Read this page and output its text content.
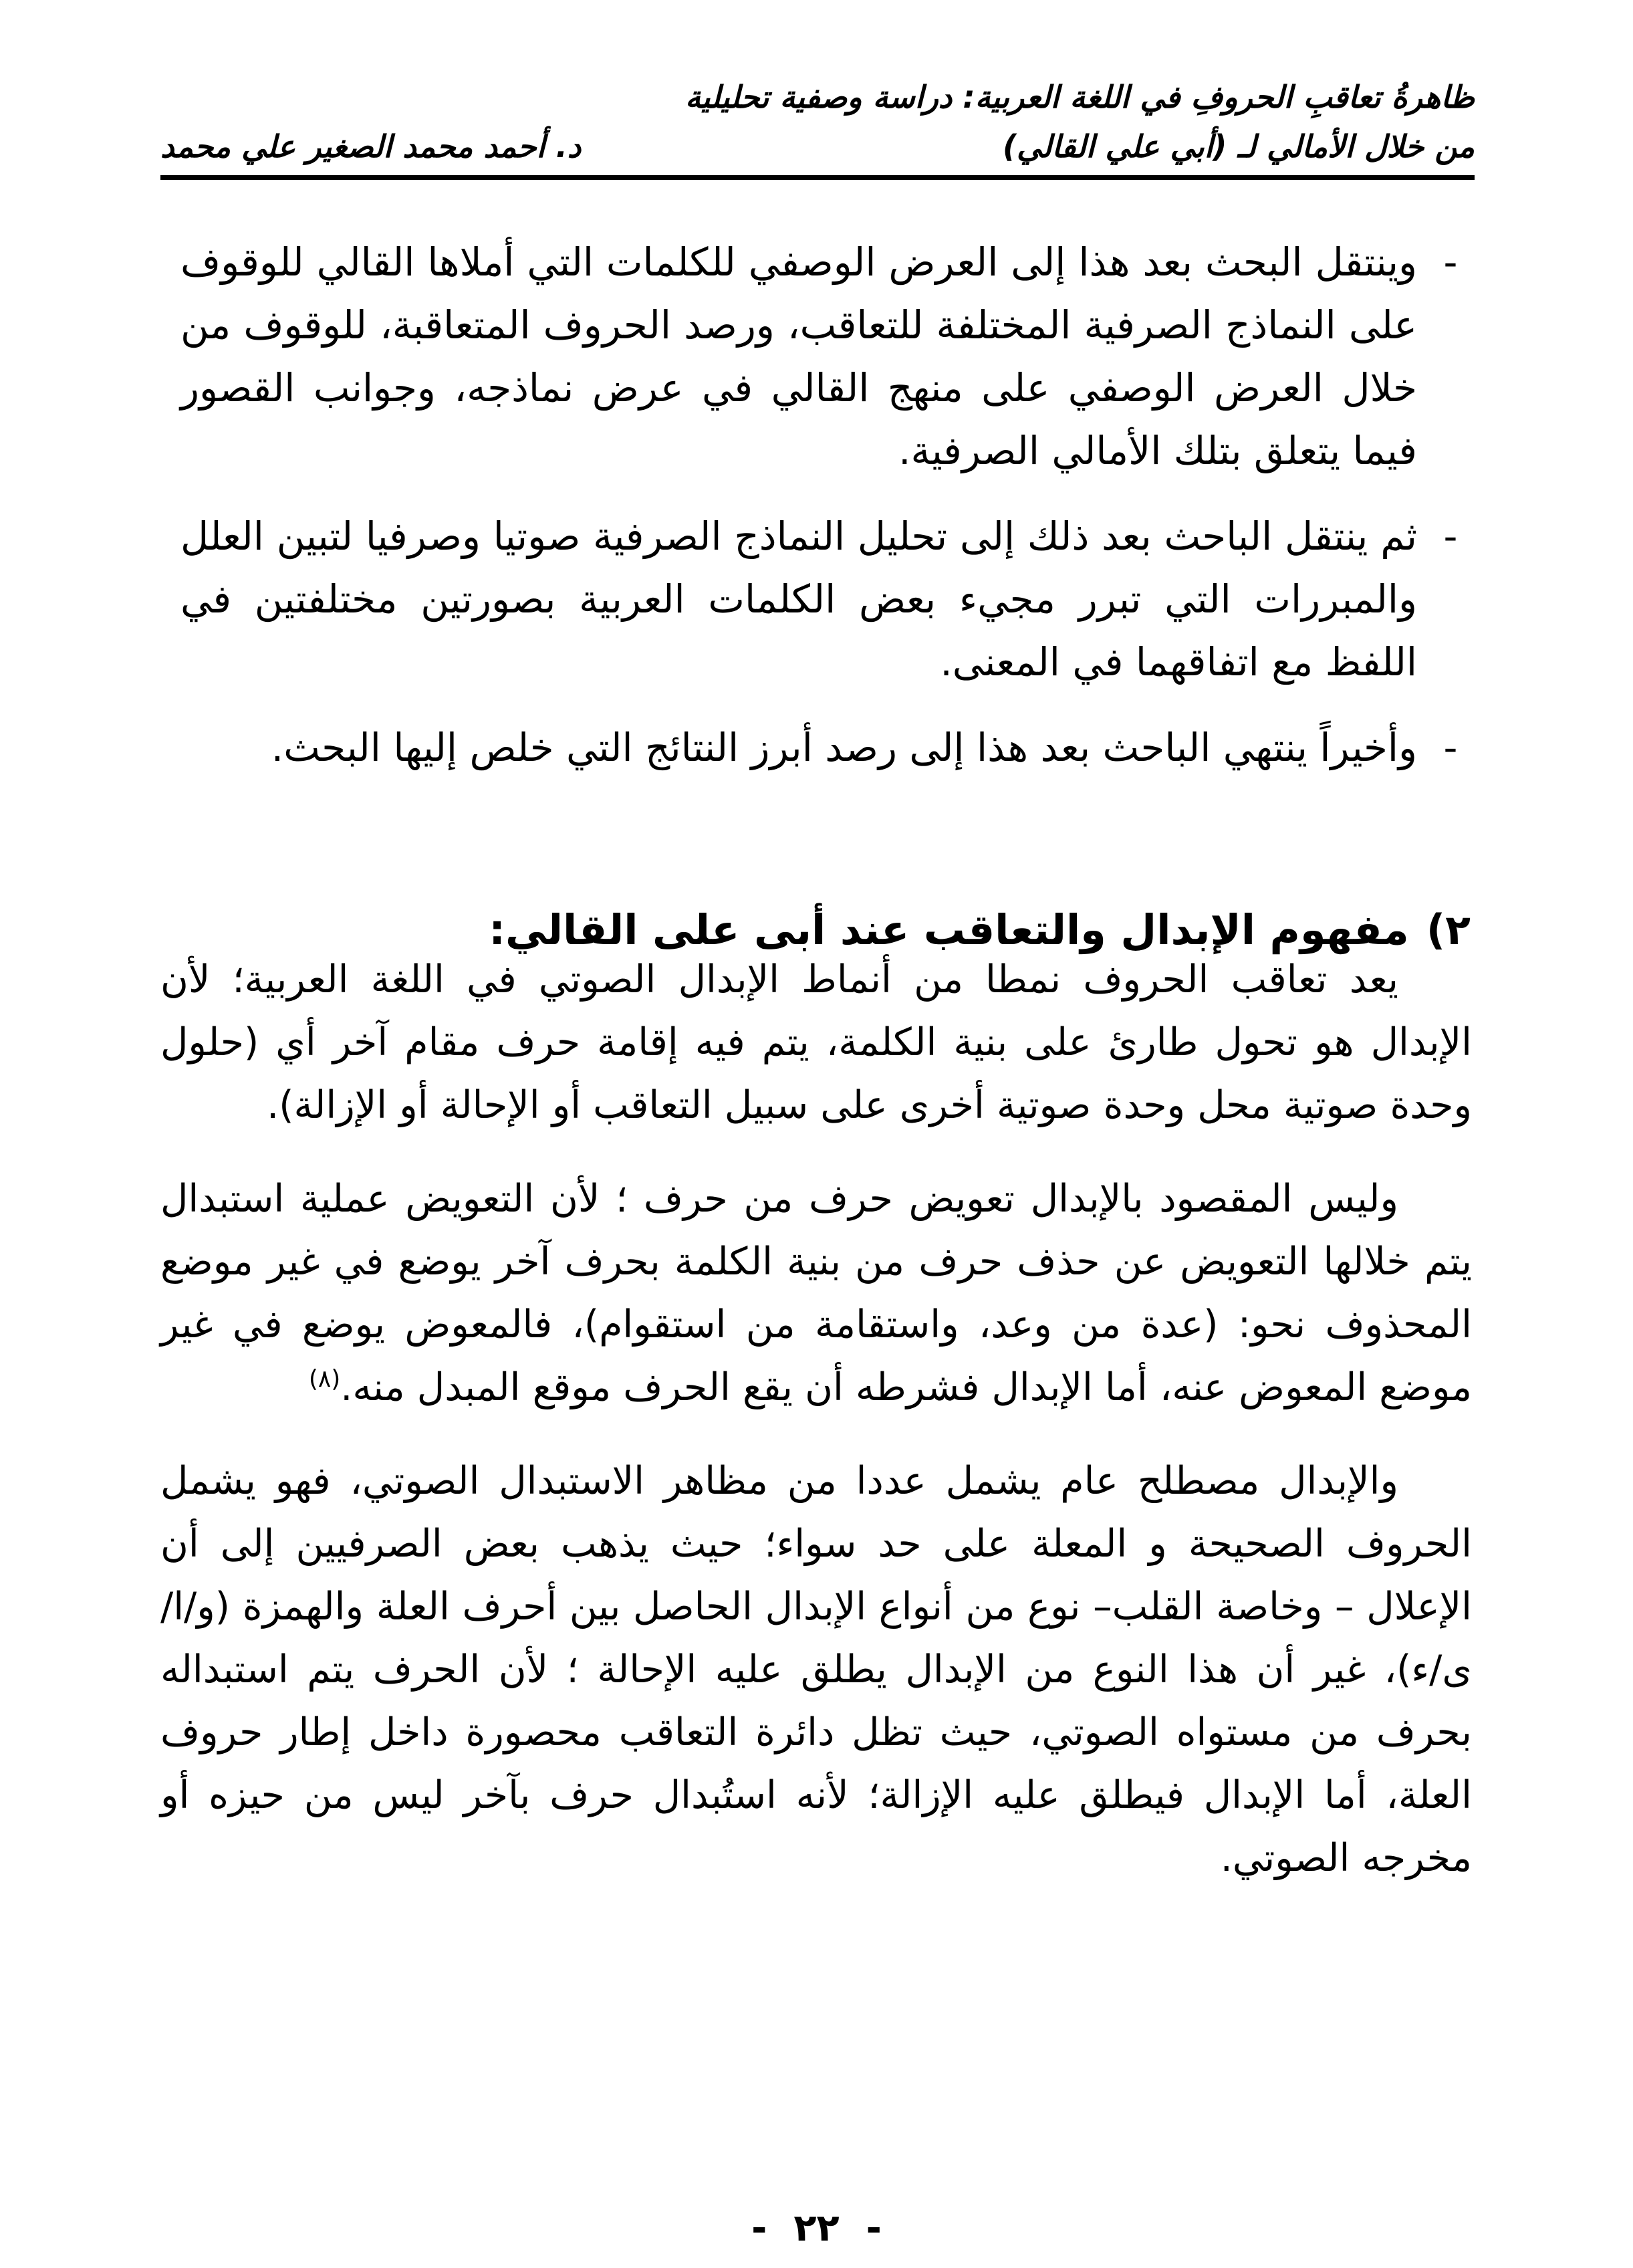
ظاهرةُ تعاقبِ الحروفِ في اللغة العربية: دراسة وصفية تحليلية
من خلال الأمالي لـ (أبي علي القالي)
د. أحمد محمد الصغير علي محمد
-
وينتقل البحث بعد هذا إلى العرض الوصفي للكلمات التي أملاها القالي للوقوف على النماذج الصرفية المختلفة للتعاقب، ورصد الحروف المتعاقبة، للوقوف من خلال العرض الوصفي على منهج القالي في عرض نماذجه، وجوانب القصور فيما يتعلق بتلك الأمالي الصرفية.
-
ثم ينتقل الباحث بعد ذلك إلى تحليل النماذج الصرفية صوتيا وصرفيا لتبين العلل والمبررات التي تبرر مجيء بعض الكلمات العربية بصورتين مختلفتين في اللفظ مع اتفاقهما في المعنى.
-
وأخيراً ينتهي الباحث بعد هذا إلى رصد أبرز النتائج التي خلص إليها البحث.
٢)مفهوم الإبدال والتعاقب عند أبى على القالي:

يعد تعاقب الحروف نمطا من أنماط الإبدال الصوتي في اللغة العربية؛ لأن الإبدال هو تحول طارئ على بنية الكلمة، يتم فيه إقامة حرف مقام آخر أي (حلول وحدة صوتية محل وحدة صوتية أخرى على سبيل التعاقب أو الإحالة أو الإزالة).

وليس المقصود بالإبدال تعويض حرف من حرف ؛ لأن التعويض عملية استبدال يتم خلالها التعويض عن حذف حرف من بنية الكلمة بحرف آخر يوضع في غير موضع المحذوف نحو: (عدة من وعد، واستقامة من استقوام)، فالمعوض يوضع في غير موضع المعوض عنه، أما الإبدال فشرطه أن يقع الحرف موقع المبدل منه.$^{(٨)}$

والإبدال مصطلح عام يشمل عددا من مظاهر الاستبدال الصوتي، فهو يشمل الحروف الصحيحة و المعلة على حد سواء؛ حيث يذهب بعض الصرفيين إلى أن الإعلال – وخاصة القلب– نوع من أنواع الإبدال الحاصل بين أحرف العلة والهمزة (و/ا/ى/ء)، غير أن هذا النوع من الإبدال يطلق عليه الإحالة ؛ لأن الحرف يتم استبداله بحرف من مستواه الصوتي، حيث تظل دائرة التعاقب محصورة داخل إطار حروف العلة، أما الإبدال فيطلق عليه الإزالة؛ لأنه استُبدال حرف بآخر ليس من حيزه أو مخرجه الصوتي.

-٢٢-
